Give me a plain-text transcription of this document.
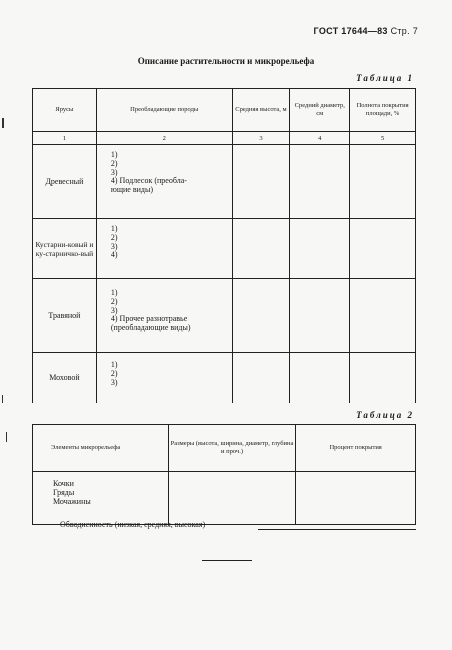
ГОСТ 17644—83 Стр. 7
Описание растительности и микрорельефа
Таблица 1
Ярусы	Преобладающие породы	Средняя высота, м	Средний диаметр, см	Полнота покрытия площади, %
1	2	3	4	5
Древесный	1)
2)
3)
4) Подлесок (преобла-
ющие виды)			

Кустарни-ковый и ку-старничко-вый	1)
2)
3)
4)			

Травяной	1)
2)
3)
4) Прочее разнотравье
(преобладающие виды)			

Моховой	1)
2)
3)			

Таблица 2
Элементы микрорельефа	Размеры (высота, ширина, диаметр, глубина и проч.)	Процент покрытия

Кочки
Гряды
Мочажины		

Обводненность (низкая, средняя, высокая)
